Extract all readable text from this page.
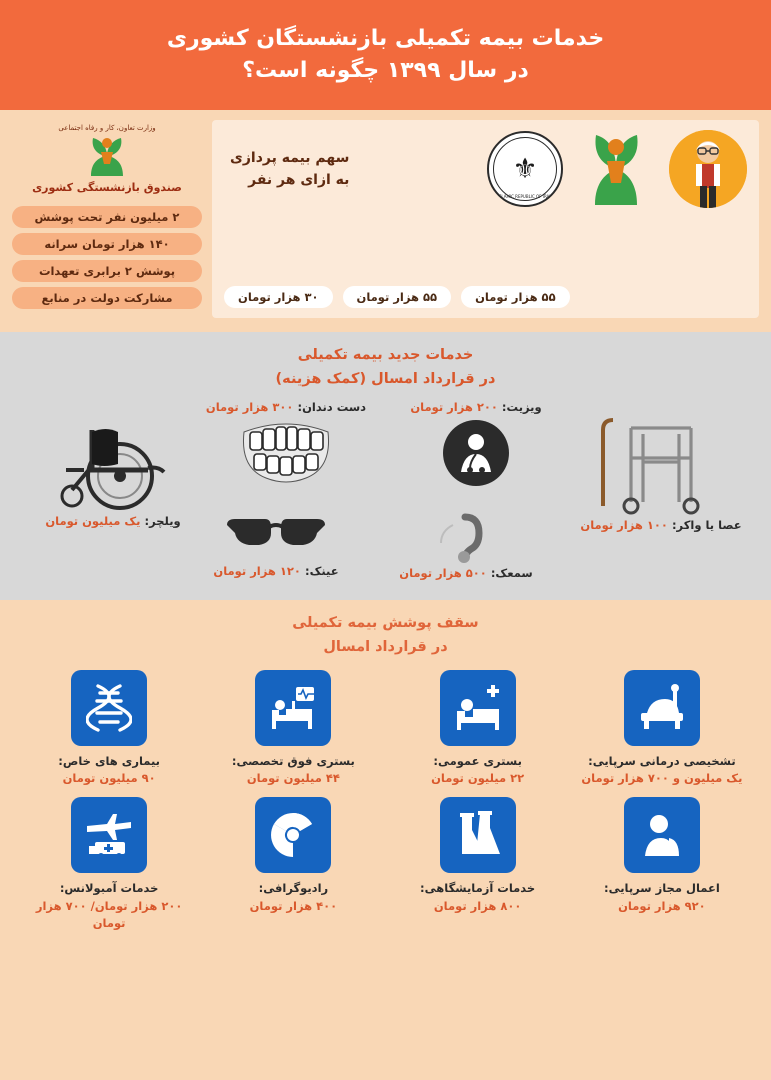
خدمات بیمه تکمیلی بازنشستگان کشوری
در سال ۱۳۹۹ چگونه است؟
وزارت تعاون، کار و رفاه اجتماعی
صندوق بازنشستگی کشوری
۲ میلیون نفر تحت پوشش
۱۴۰ هزار تومان سرانه
پوشش ۲ برابری تعهدات
مشارکت دولت در منابع
⚜
ISLAMIC REPUBLIC OF IRAN
سهم بیمه پردازی
به ازای هر نفر
۳۰ هزار تومان	۵۵ هزار تومان	۵۵ هزار تومان
خدمات جدید بیمه تکمیلی
در قرارداد امسال (کمک هزینه)
عصا یا واکر: ۱۰۰ هزار تومان
ویزیت: ۲۰۰ هزار تومان
دست دندان: ۳۰۰ هزار تومان
ویلچر: یک میلیون تومان
سمعک: ۵۰۰ هزار تومان
عینک: ۱۲۰ هزار تومان
سقف پوشش بیمه تکمیلی
در قرارداد امسال
تشخیصی درمانی سرپایی:
یک میلیون و ۷۰۰ هزار تومان
بستری عمومی:
۲۲ میلیون تومان
بستری فوق تخصصی:
۴۴ میلیون تومان
بیماری های خاص:
۹۰ میلیون تومان
اعمال مجاز سرپایی:
۹۲۰ هزار تومان
خدمات آزمایشگاهی:
۸۰۰ هزار تومان
رادیوگرافی:
۴۰۰ هزار تومان
خدمات آمبولانس:
۲۰۰ هزار تومان/ ۷۰۰ هزار تومان
